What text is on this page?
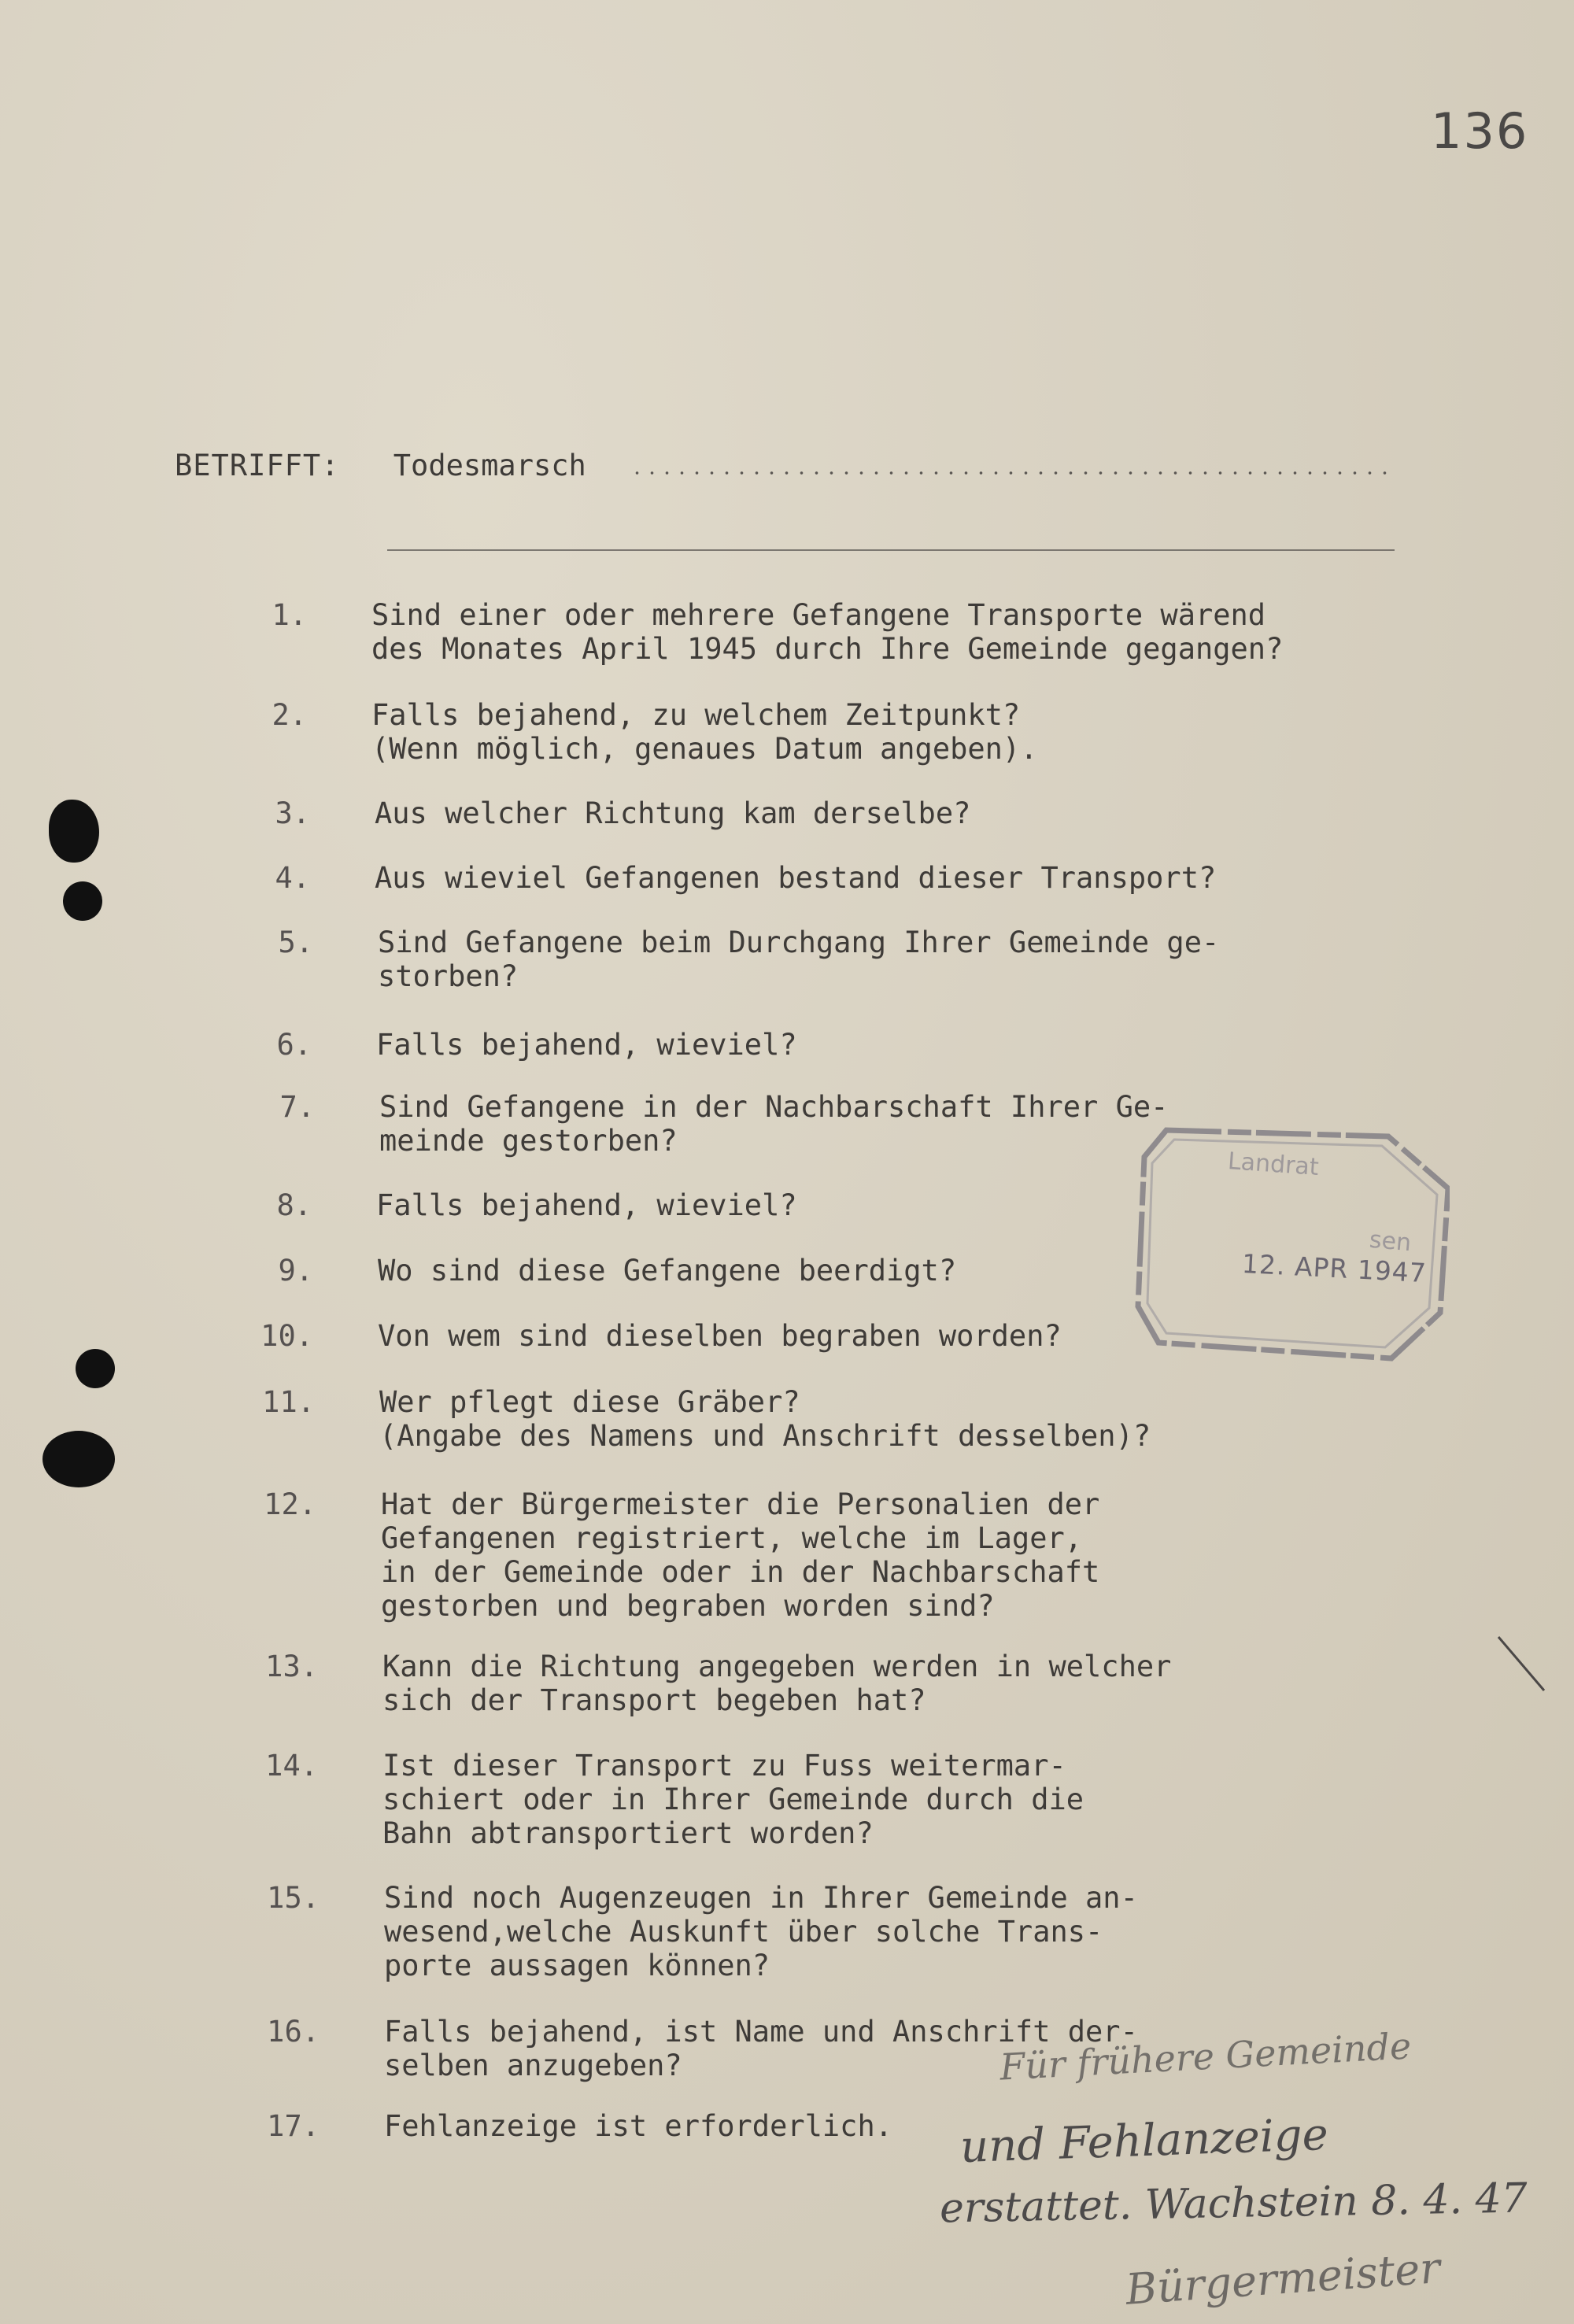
136
BETRIFFT: Todesmarsch
1. Sind einer oder mehrere Gefangene Transporte wärend
des Monates April 1945 durch Ihre Gemeinde gegangen?
2. Falls bejahend, zu welchem Zeitpunkt?
(Wenn möglich, genaues Datum angeben).
3. Aus welcher Richtung kam derselbe?
4. Aus wieviel Gefangenen bestand dieser Transport?
5. Sind Gefangene beim Durchgang Ihrer Gemeinde ge-
storben?
6. Falls bejahend, wieviel?
7. Sind Gefangene in der Nachbarschaft Ihrer Ge-
meinde gestorben?
8. Falls bejahend, wieviel?
9. Wo sind diese Gefangene beerdigt?
10. Von wem sind dieselben begraben worden?
11. Wer pflegt diese Gräber?
(Angabe des Namens und Anschrift desselben)?
12. Hat der Bürgermeister die Personalien der
Gefangenen registriert, welche im Lager,
in der Gemeinde oder in der Nachbarschaft
gestorben und begraben worden sind?
13. Kann die Richtung angegeben werden in welcher
sich der Transport begeben hat?
14. Ist dieser Transport zu Fuss weitermar-
schiert oder in Ihrer Gemeinde durch die
Bahn abtransportiert worden?
15. Sind noch Augenzeugen in Ihrer Gemeinde an-
wesend,welche Auskunft über solche Trans-
porte aussagen können?
16. Falls bejahend, ist Name und Anschrift der-
selben anzugeben?
17. Fehlanzeige ist erforderlich.
Landrat
sen
12. APR 1947
Für frühere Gemeinde
und Fehlanzeige
erstattet. Wachstein 8. 4. 47
Bürgermeister
